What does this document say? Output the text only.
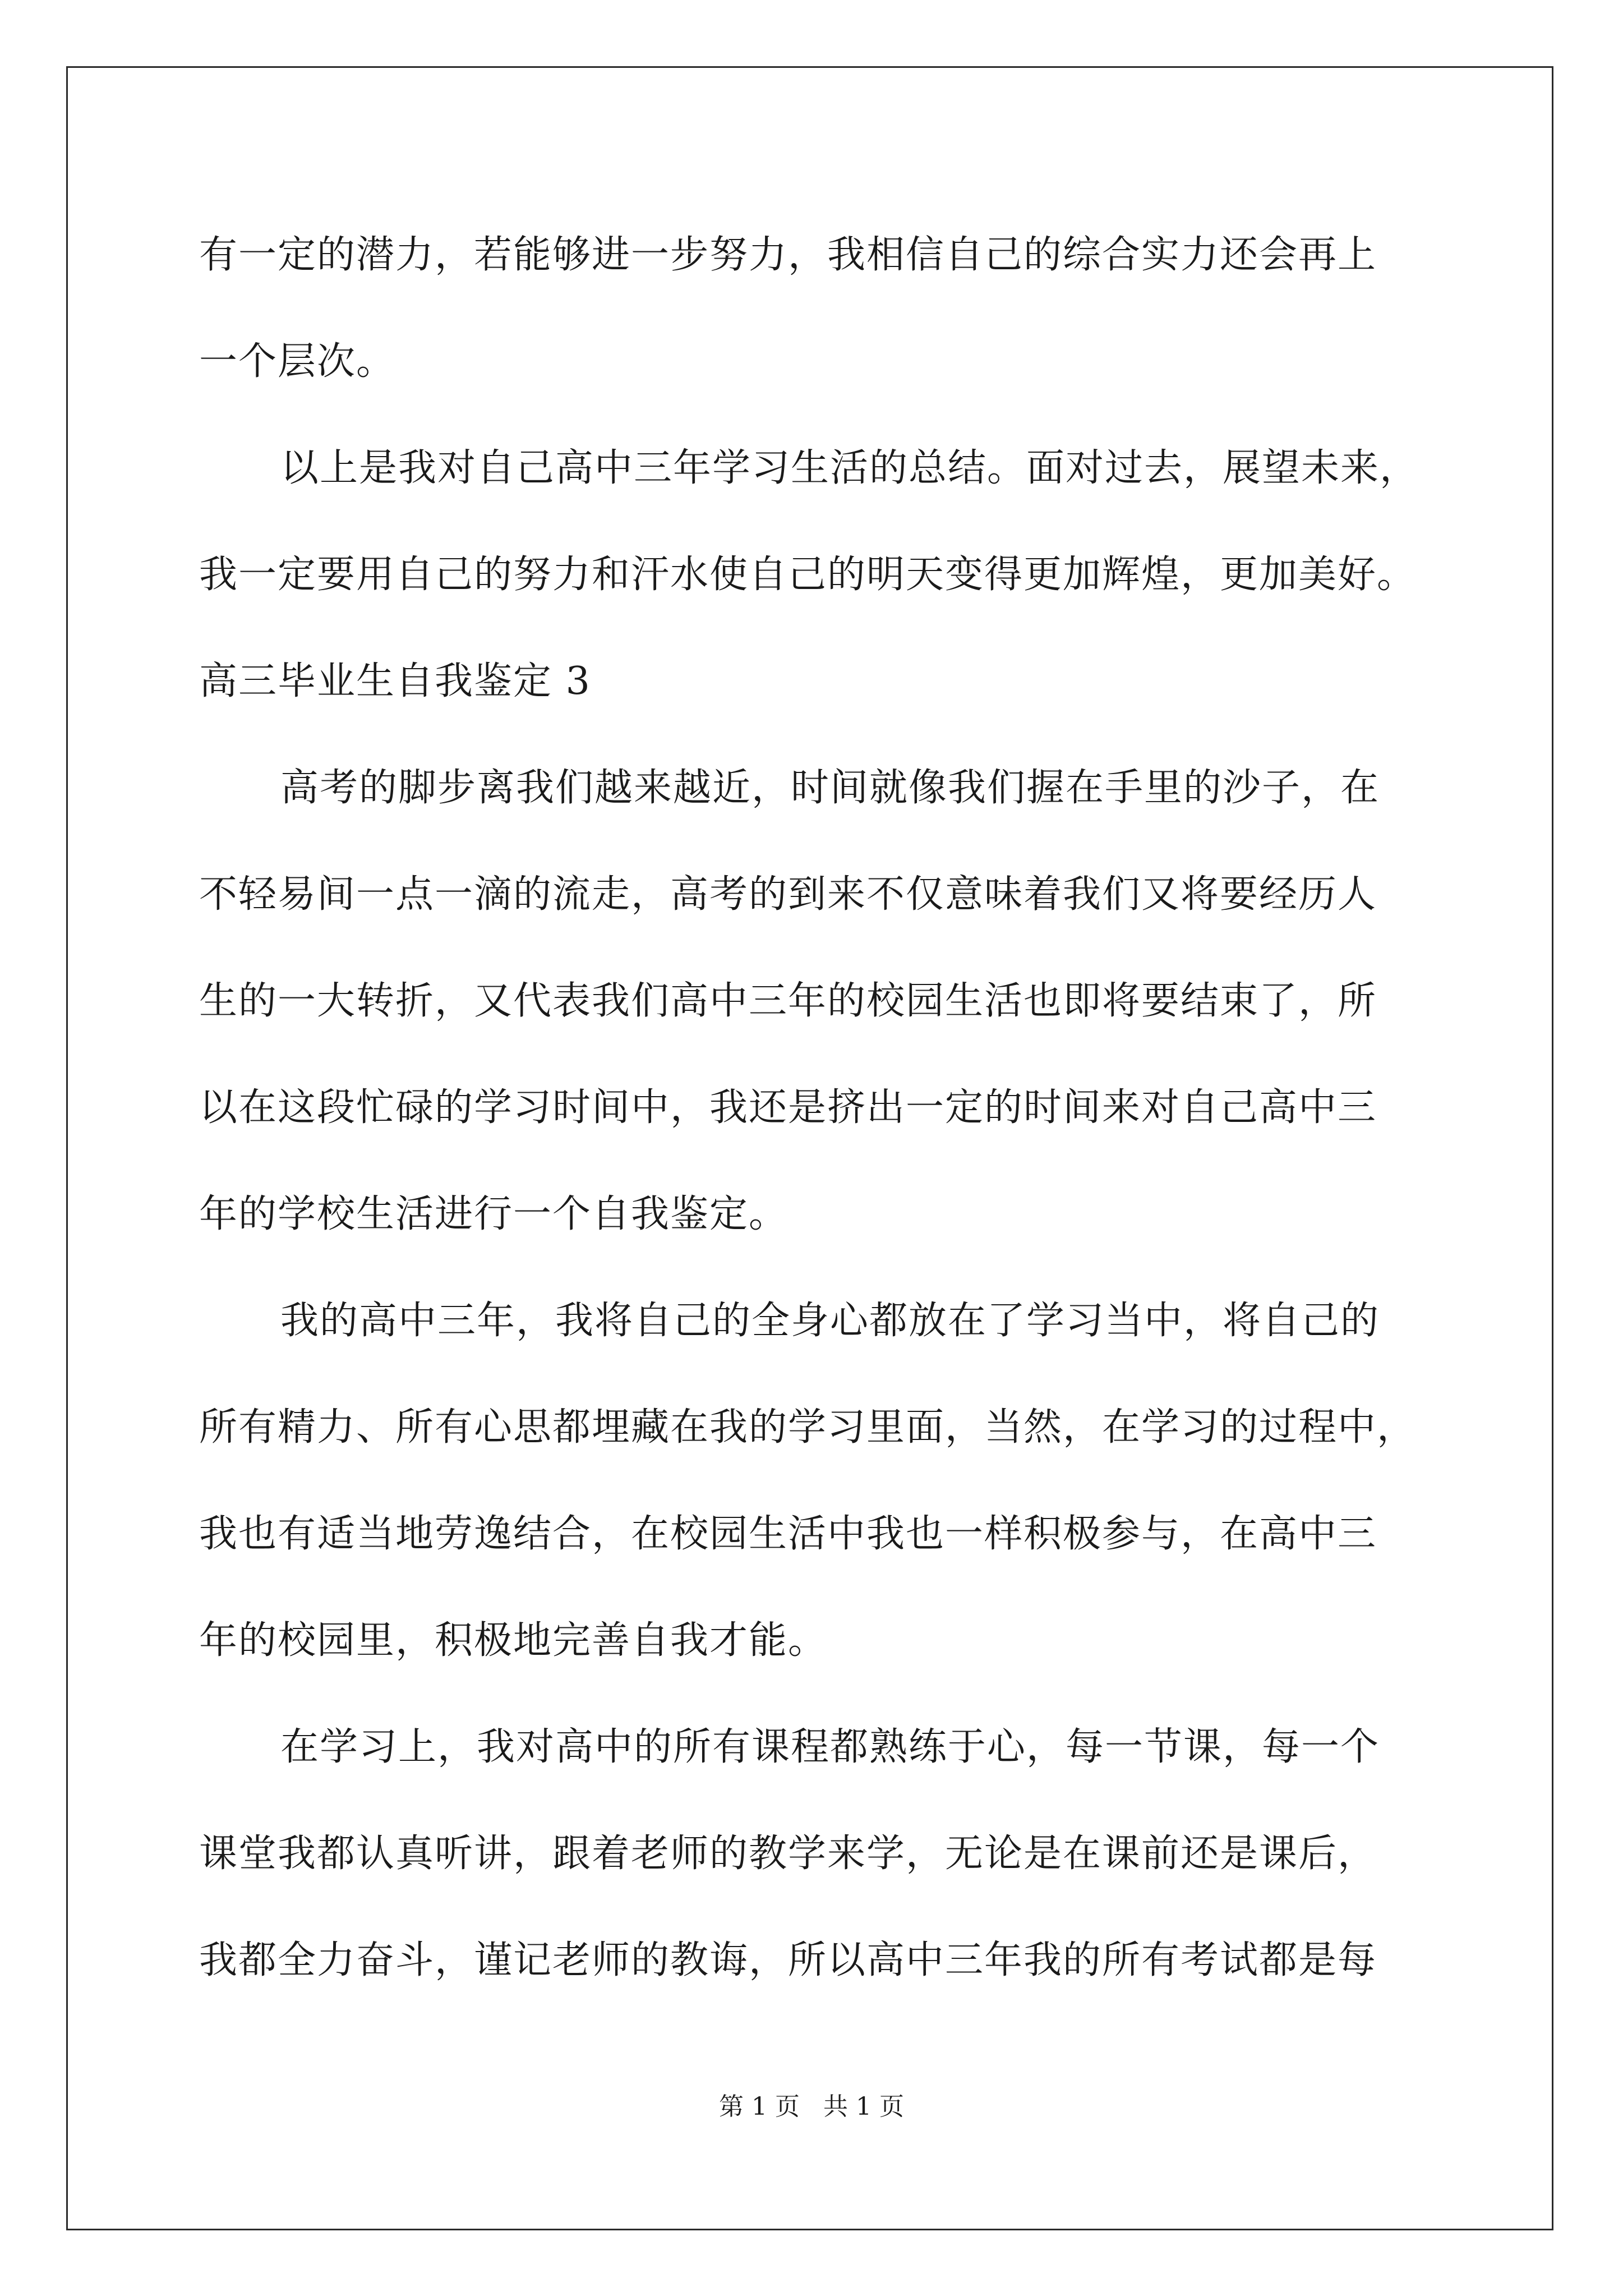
有一定的潜力，若能够进一步努力，我相信自己的综合实力还会再上
一个层次。
以上是我对自己高中三年学习生活的总结。面对过去，展望未来，
我一定要用自己的努力和汗水使自己的明天变得更加辉煌，更加美好。
高三毕业生自我鉴定 3
高考的脚步离我们越来越近，时间就像我们握在手里的沙子，在
不轻易间一点一滴的流走，高考的到来不仅意味着我们又将要经历人
生的一大转折，又代表我们高中三年的校园生活也即将要结束了，所
以在这段忙碌的学习时间中，我还是挤出一定的时间来对自己高中三
年的学校生活进行一个自我鉴定。
我的高中三年，我将自己的全身心都放在了学习当中，将自己的
所有精力、所有心思都埋藏在我的学习里面，当然，在学习的过程中，
我也有适当地劳逸结合，在校园生活中我也一样积极参与，在高中三
年的校园里，积极地完善自我才能。
在学习上，我对高中的所有课程都熟练于心，每一节课，每一个
课堂我都认真听讲，跟着老师的教学来学，无论是在课前还是课后，
我都全力奋斗，谨记老师的教诲，所以高中三年我的所有考试都是每
第 1 页   共 1 页
